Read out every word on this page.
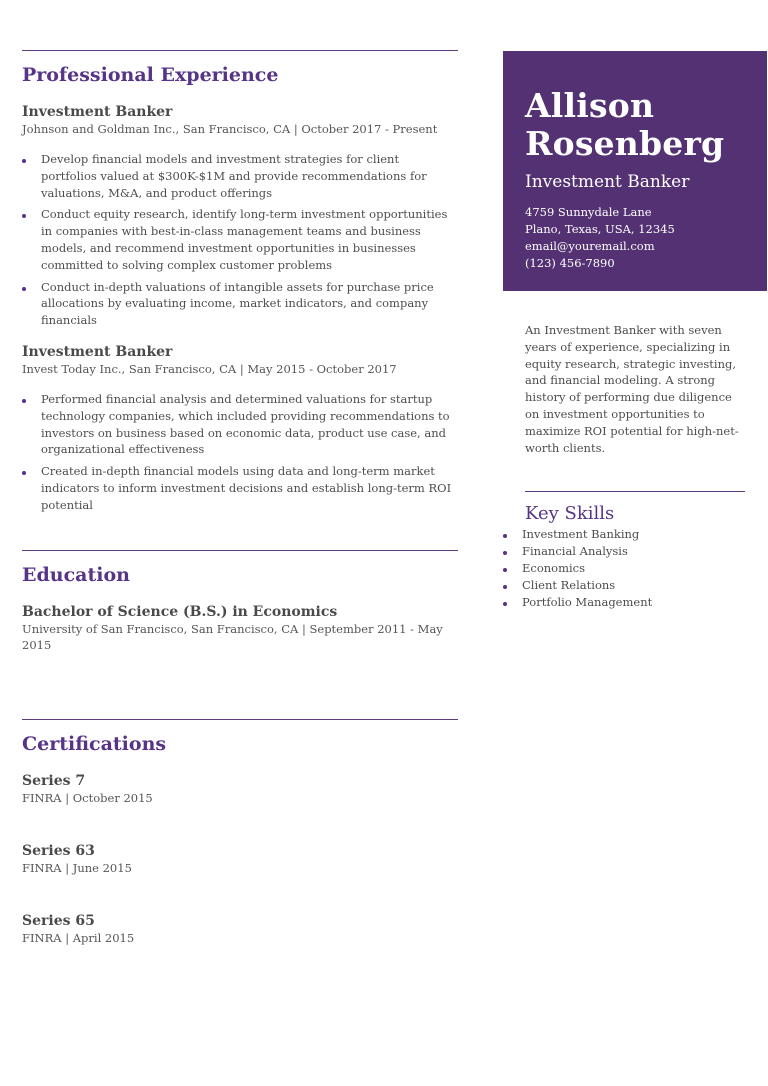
Professional Experience

Investment Banker

Johnson and Goldman Inc., San Francisco, CA | October 2017 - Present

Develop financial models and investment strategies for client portfolios valued at $300K-$1M and provide recommendations for valuations, M&A, and product offerings
Conduct equity research, identify long-term investment opportunities in companies with best-in-class management teams and business models, and recommend investment opportunities in businesses committed to solving complex customer problems
Conduct in-depth valuations of intangible assets for purchase price allocations by evaluating income, market indicators, and company financials

Investment Banker

Invest Today Inc., San Francisco, CA | May 2015 - October 2017

Performed financial analysis and determined valuations for startup technology companies, which included providing recommendations to investors on business based on economic data, product use case, and organizational effectiveness
Created in-depth financial models using data and long-term market indicators to inform investment decisions and establish long-term ROI potential
Education

Bachelor of Science (B.S.) in Economics

University of San Francisco, San Francisco, CA | September 2011 - May 2015

Certifications

Series 7

FINRA | October 2015

Series 63

FINRA | June 2015

Series 65

FINRA | April 2015

Allison

Rosenberg

Investment Banker

4759 Sunnydale Lane
Plano, Texas, USA, 12345
email@youremail.com
(123) 456-7890

An Investment Banker with seven years of experience, specializing in equity research, strategic investing, and financial modeling. A strong history of performing due diligence on investment opportunities to maximize ROI potential for high-net-worth clients.

Key Skills
Investment Banking
Financial Analysis
Economics
Client Relations
Portfolio Management
